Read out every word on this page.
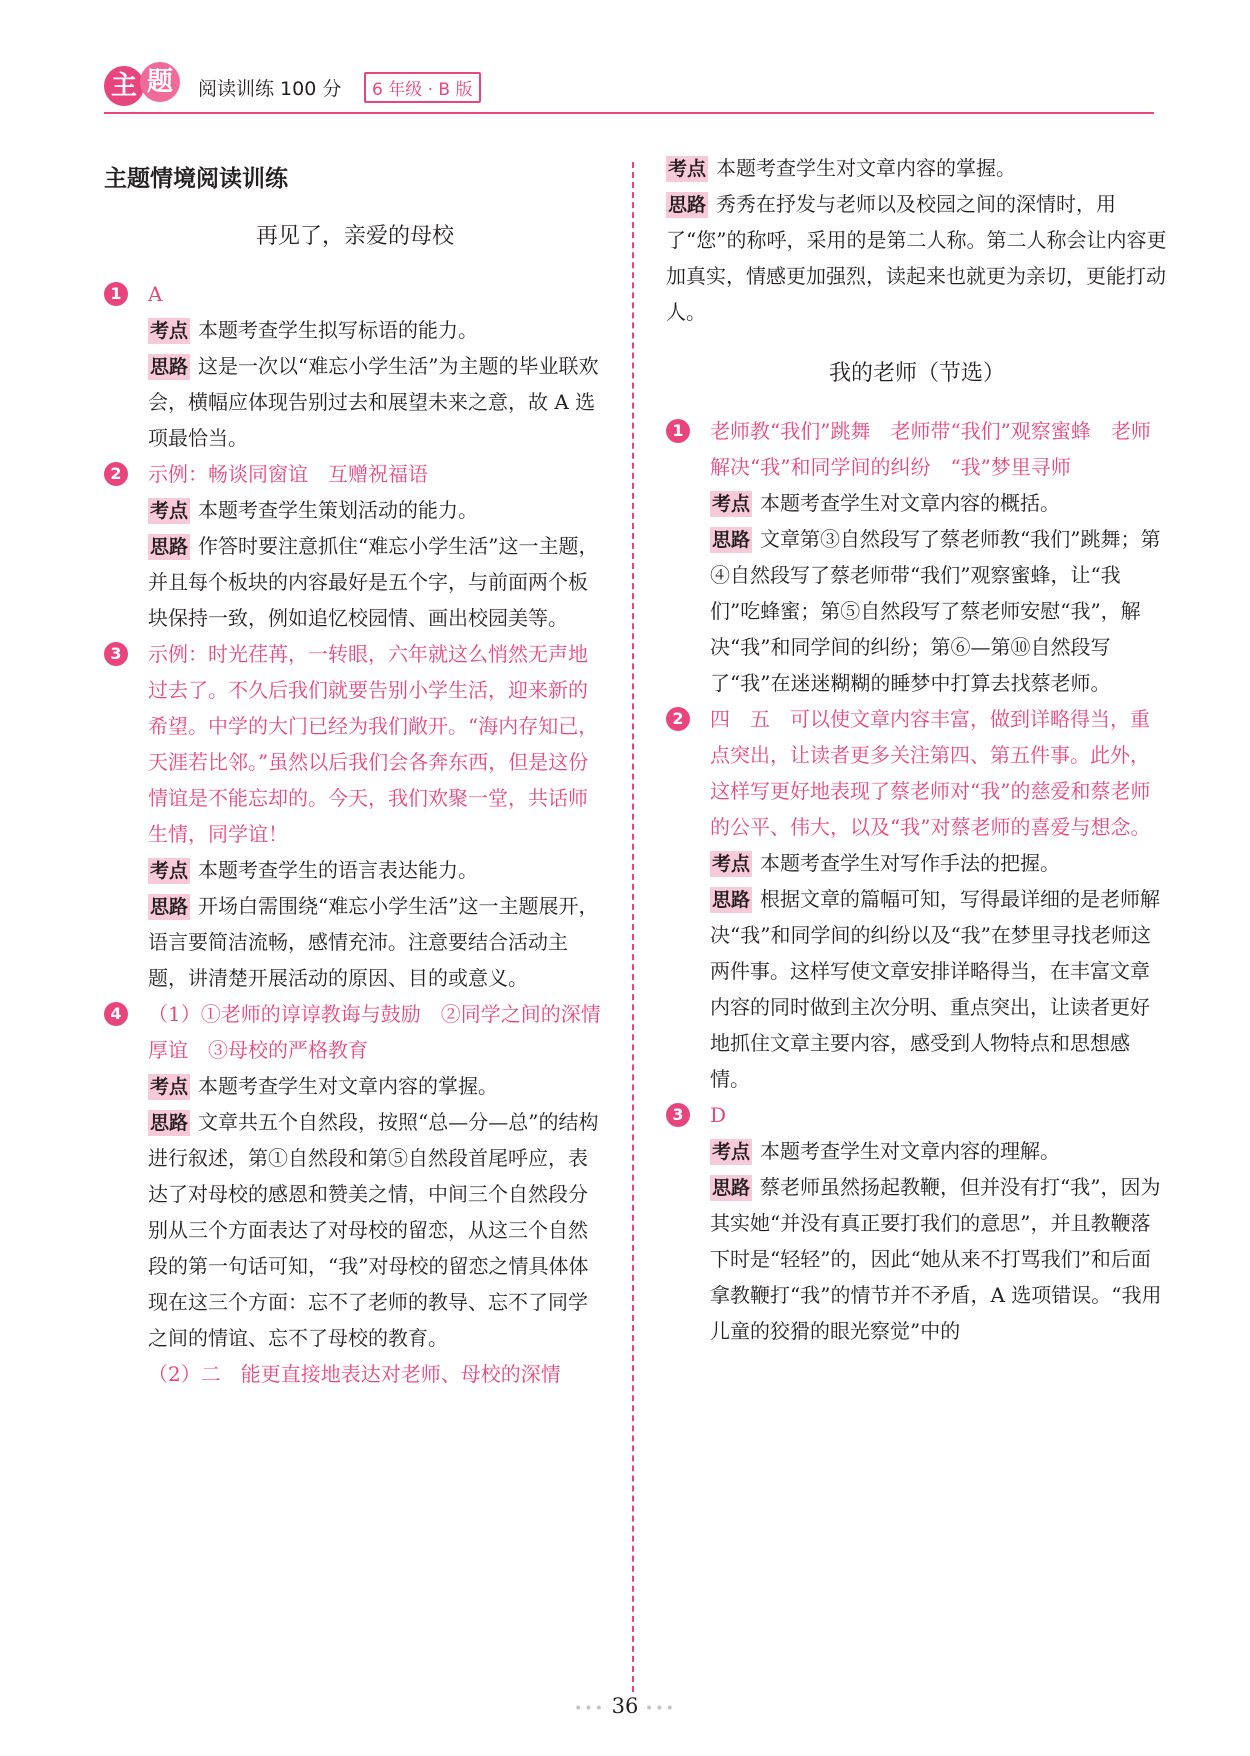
主 题	阅读训练 100 分	6 年级 · B 版
主题情境阅读训练
再见了，亲爱的母校
1	A

考点 本题考查学生拟写标语的能力。

思路 这是一次以“难忘小学生活”为主题的毕业联欢会，横幅应体现告别过去和展望未来之意，故 A 选项最恰当。

2	示例：畅谈同窗谊　互赠祝福语

考点 本题考查学生策划活动的能力。

思路 作答时要注意抓住“难忘小学生活”这一主题，并且每个板块的内容最好是五个字，与前面两个板块保持一致，例如追忆校园情、画出校园美等。

3	示例：时光荏苒，一转眼，六年就这么悄然无声地过去了。不久后我们就要告别小学生活，迎来新的希望。中学的大门已经为我们敞开。“海内存知己，天涯若比邻。”虽然以后我们会各奔东西，但是这份情谊是不能忘却的。今天，我们欢聚一堂，共话师生情，同学谊！

考点 本题考查学生的语言表达能力。

思路 开场白需围绕“难忘小学生活”这一主题展开，语言要简洁流畅，感情充沛。注意要结合活动主题，讲清楚开展活动的原因、目的或意义。

4	（1）①老师的谆谆教诲与鼓励　②同学之间的深情厚谊　③母校的严格教育

考点 本题考查学生对文章内容的掌握。

思路 文章共五个自然段，按照“总—分—总”的结构进行叙述，第①自然段和第⑤自然段首尾呼应，表达了对母校的感恩和赞美之情，中间三个自然段分别从三个方面表达了对母校的留恋，从这三个自然段的第一句话可知，“我”对母校的留恋之情具体体现在这三个方面：忘不了老师的教导、忘不了同学之间的情谊、忘不了母校的教育。

（2）二　能更直接地表达对老师、母校的深情

考点 本题考查学生对文章内容的掌握。

思路 秀秀在抒发与老师以及校园之间的深情时，用了“您”的称呼，采用的是第二人称。第二人称会让内容更加真实，情感更加强烈，读起来也就更为亲切，更能打动人。

我的老师（节选）
1	老师教“我们”跳舞　老师带“我们”观察蜜蜂　老师解决“我”和同学间的纠纷　“我”梦里寻师

考点 本题考查学生对文章内容的概括。

思路 文章第③自然段写了蔡老师教“我们”跳舞；第④自然段写了蔡老师带“我们”观察蜜蜂，让“我们”吃蜂蜜；第⑤自然段写了蔡老师安慰“我”，解决“我”和同学间的纠纷；第⑥—第⑩自然段写了“我”在迷迷糊糊的睡梦中打算去找蔡老师。

2	四　五　可以使文章内容丰富，做到详略得当，重点突出，让读者更多关注第四、第五件事。此外，这样写更好地表现了蔡老师对“我”的慈爱和蔡老师的公平、伟大，以及“我”对蔡老师的喜爱与想念。

考点 本题考查学生对写作手法的把握。

思路 根据文章的篇幅可知，写得最详细的是老师解决“我”和同学间的纠纷以及“我”在梦里寻找老师这两件事。这样写使文章安排详略得当，在丰富文章内容的同时做到主次分明、重点突出，让读者更好地抓住文章主要内容，感受到人物特点和思想感情。

3	D

考点 本题考查学生对文章内容的理解。

思路 蔡老师虽然扬起教鞭，但并没有打“我”，因为其实她“并没有真正要打我们的意思”，并且教鞭落下时是“轻轻”的，因此“她从来不打骂我们”和后面拿教鞭打“我”的情节并不矛盾，A 选项错误。“我用儿童的狡猾的眼光察觉”中的

••• 36 •••
